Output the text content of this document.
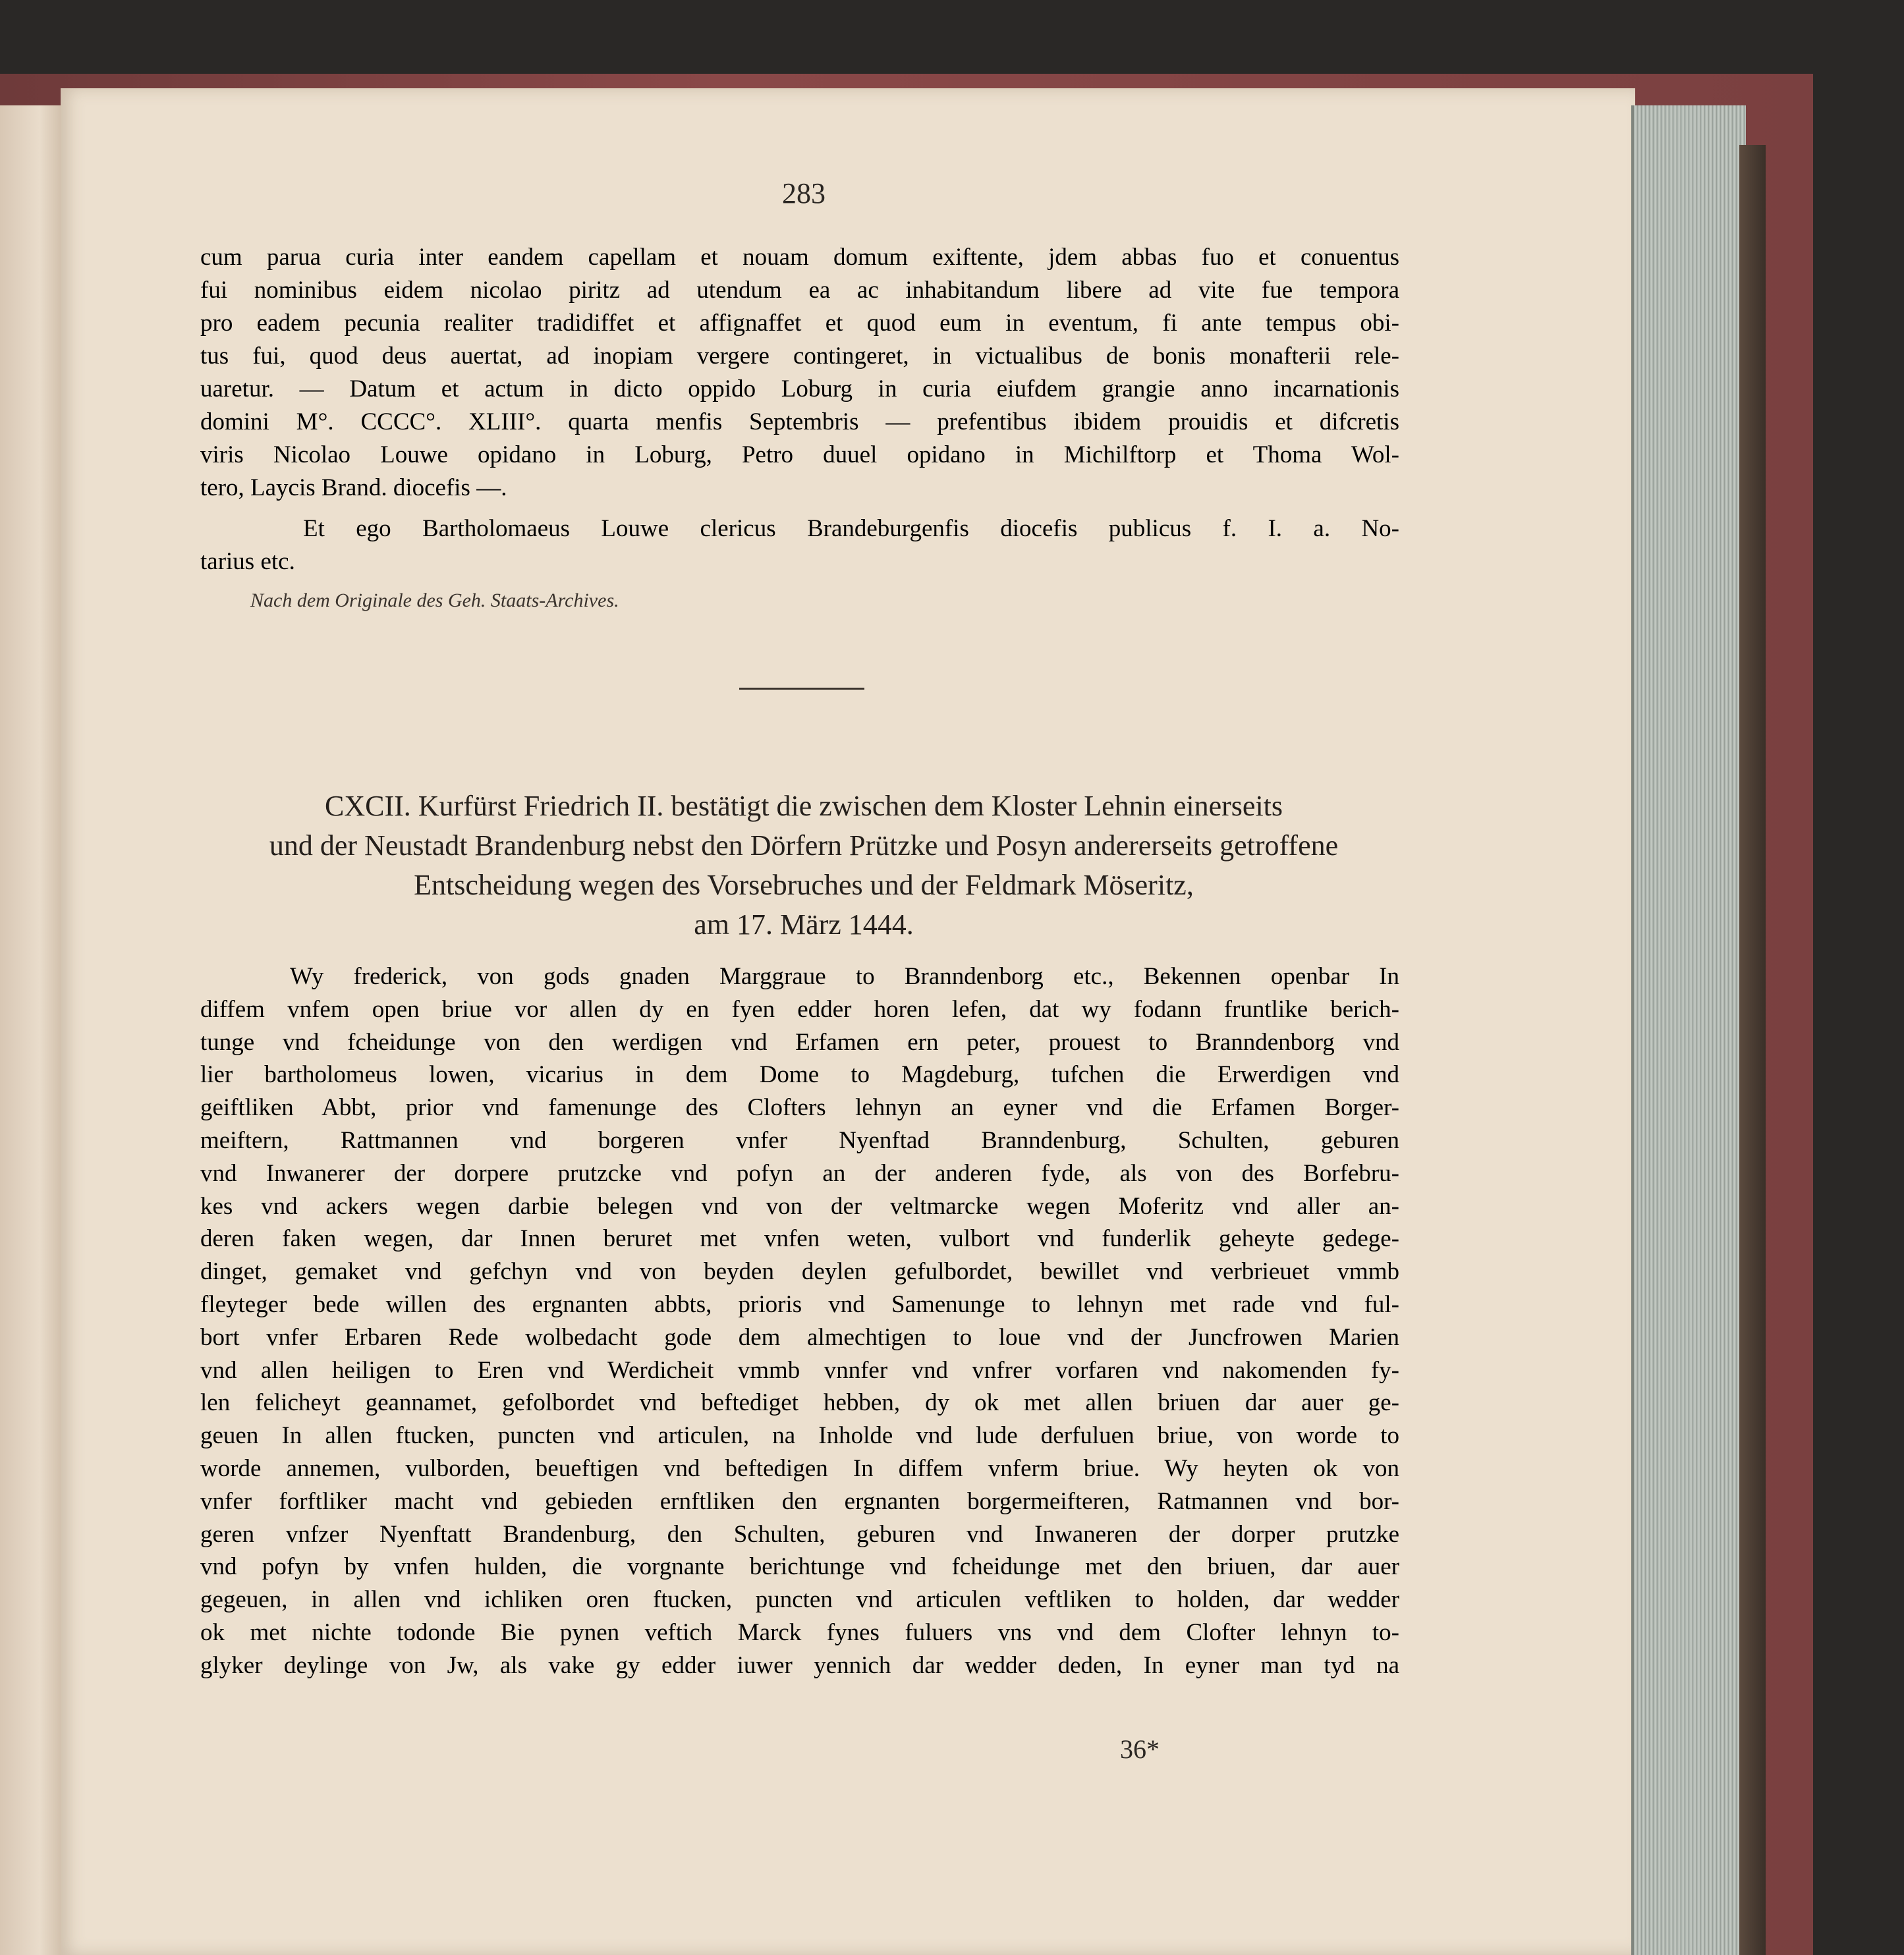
283
cum parua curia inter eandem capellam et nouam domum exiftente, jdem abbas fuo et conuentus
fui nominibus eidem nicolao piritz ad utendum ea ac inhabitandum libere ad vite fue tempora
pro eadem pecunia realiter tradidiffet et affignaffet et quod eum in eventum, fi ante tempus obi-
tus fui, quod deus auertat, ad inopiam vergere contingeret, in victualibus de bonis monafterii rele-
uaretur. — Datum et actum in dicto oppido Loburg in curia eiufdem grangie anno incarnationis
domini M°. CCCC°. XLIII°. quarta menfis Septembris — prefentibus ibidem prouidis et difcretis
viris Nicolao Louwe opidano in Loburg, Petro duuel opidano in Michilftorp et Thoma Wol-
tero, Laycis Brand. diocefis —.
Et ego Bartholomaeus Louwe clericus Brandeburgenfis diocefis publicus f. I. a. No-
tarius etc.
Nach dem Originale des Geh. Staats-Archives.
CXCII. Kurfürst Friedrich II. bestätigt die zwischen dem Kloster Lehnin einerseits
und der Neustadt Brandenburg nebst den Dörfern Prützke und Posyn andererseits getroffene
Entscheidung wegen des Vorsebruches und der Feldmark Möseritz,
am 17. März 1444.
Wy frederick, von gods gnaden Marggraue to Branndenborg etc., Bekennen openbar In
diffem vnfem open briue vor allen dy en fyen edder horen lefen, dat wy fodann fruntlike berich-
tunge vnd fcheidunge von den werdigen vnd Erfamen ern peter, prouest to Branndenborg vnd
lier bartholomeus lowen, vicarius in dem Dome to Magdeburg, tufchen die Erwerdigen vnd
geiftliken Abbt, prior vnd famenunge des Clofters lehnyn an eyner vnd die Erfamen Borger-
meiftern, Rattmannen vnd borgeren vnfer Nyenftad Branndenburg, Schulten, geburen
vnd Inwanerer der dorpere prutzcke vnd pofyn an der anderen fyde, als von des Borfebru-
kes vnd ackers wegen darbie belegen vnd von der veltmarcke wegen Moferitz vnd aller an-
deren faken wegen, dar Innen beruret met vnfen weten, vulbort vnd funderlik geheyte gedege-
dinget, gemaket vnd gefchyn vnd von beyden deylen gefulbordet, bewillet vnd verbrieuet vmmb
fleyteger bede willen des ergnanten abbts, prioris vnd Samenunge to lehnyn met rade vnd ful-
bort vnfer Erbaren Rede wolbedacht gode dem almechtigen to loue vnd der Juncfrowen Marien
vnd allen heiligen to Eren vnd Werdicheit vmmb vnnfer vnd vnfrer vorfaren vnd nakomenden fy-
len felicheyt geannamet, gefolbordet vnd beftediget hebben, dy ok met allen briuen dar auer ge-
geuen In allen ftucken, puncten vnd articulen, na Inholde vnd lude derfuluen briue, von worde to
worde annemen, vulborden, beueftigen vnd beftedigen In diffem vnferm briue. Wy heyten ok von
vnfer forftliker macht vnd gebieden ernftliken den ergnanten borgermeifteren, Ratmannen vnd bor-
geren vnfzer Nyenftatt Brandenburg, den Schulten, geburen vnd Inwaneren der dorper prutzke
vnd pofyn by vnfen hulden, die vorgnante berichtunge vnd fcheidunge met den briuen, dar auer
gegeuen, in allen vnd ichliken oren ftucken, puncten vnd articulen veftliken to holden, dar wedder
ok met nichte todonde Bie pynen veftich Marck fynes fuluers vns vnd dem Clofter lehnyn to-
glyker deylinge von Jw, als vake gy edder iuwer yennich dar wedder deden, In eyner man tyd na
36*
